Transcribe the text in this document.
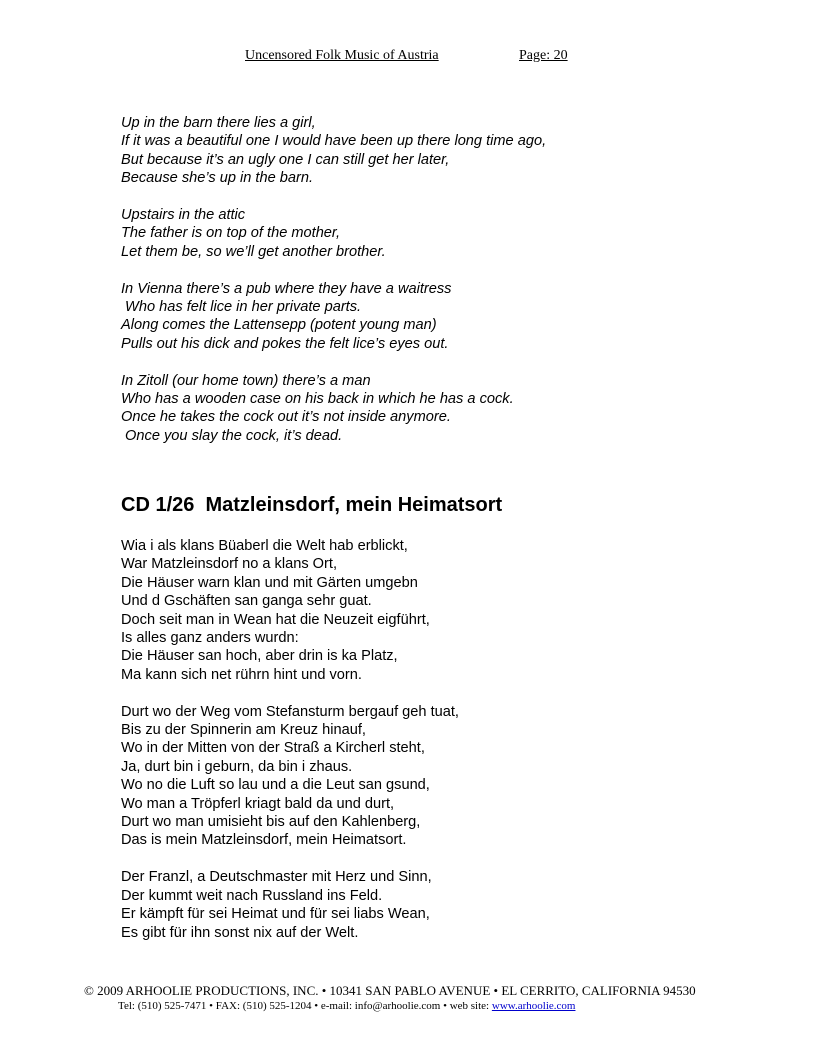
Uncensored Folk Music of Austria	Page: 20
Up in the barn there lies a girl,
If it was a beautiful one I would have been up there long time ago,
But because it’s an ugly one I can still get her later,
Because she’s up in the barn.
Upstairs in the attic
The father is on top of the mother,
Let them be, so we’ll get another brother.
In Vienna there’s a pub where they have a waitress
Who has felt lice in her private parts.
Along comes the Lattensepp (potent young man)
Pulls out his dick and pokes the felt lice’s eyes out.
In Zitoll (our home town) there’s a man
Who has a wooden case on his back in which he has a cock.
Once he takes the cock out it’s not inside anymore.
Once you slay the cock, it’s dead.
CD 1/26  Matzleinsdorf, mein Heimatsort
Wia i als klans Büaberl die Welt hab erblickt,
War Matzleinsdorf no a klans Ort,
Die Häuser warn klan und mit Gärten umgebn
Und d Gschäften san ganga sehr guat.
Doch seit man in Wean hat die Neuzeit eigführt,
Is alles ganz anders wurdn:
Die Häuser san hoch, aber drin is ka Platz,
Ma kann sich net rührn hint und vorn.
Durt wo der Weg vom Stefansturm bergauf geh tuat,
Bis zu der Spinnerin am Kreuz hinauf,
Wo in der Mitten von der Straß a Kircherl steht,
Ja, durt bin i geburn, da bin i zhaus.
Wo no die Luft so lau und a die Leut san gsund,
Wo man a Tröpferl kriagt bald da und durt,
Durt wo man umisieht bis auf den Kahlenberg,
Das is mein Matzleinsdorf, mein Heimatsort.
Der Franzl, a Deutschmaster mit Herz und Sinn,
Der kummt weit nach Russland ins Feld.
Er kämpft für sei Heimat und für sei liabs Wean,
Es gibt für ihn sonst nix auf der Welt.
© 2009 ARHOOLIE PRODUCTIONS, INC. • 10341 SAN PABLO AVENUE • EL CERRITO, CALIFORNIA 94530
Tel: (510) 525-7471 • FAX: (510) 525-1204 • e-mail: info@arhoolie.com • web site: www.arhoolie.com
